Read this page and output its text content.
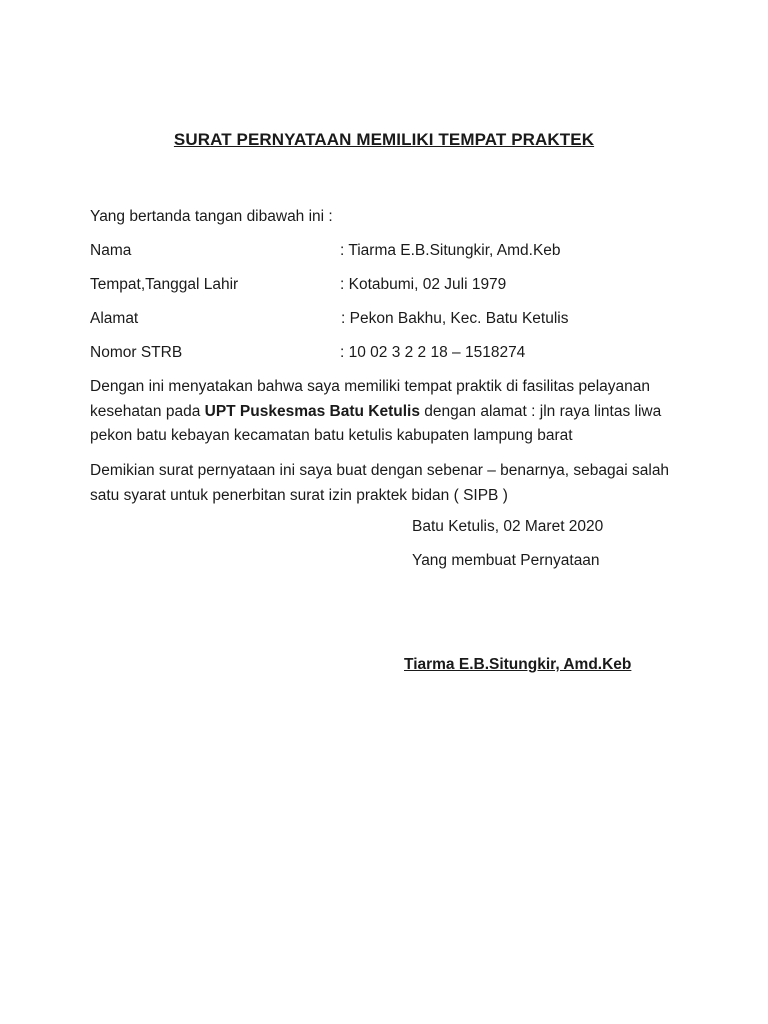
SURAT PERNYATAAN MEMILIKI TEMPAT PRAKTEK
Yang bertanda tangan dibawah ini :
Nama	: Tiarma E.B.Situngkir, Amd.Keb
Tempat,Tanggal Lahir	: Kotabumi, 02 Juli 1979
Alamat	: Pekon Bakhu, Kec. Batu Ketulis
Nomor STRB	: 10 02 3 2 2 18 – 1518274
Dengan ini menyatakan bahwa saya memiliki tempat praktik di fasilitas pelayanan kesehatan pada UPT Puskesmas Batu Ketulis dengan alamat : jln raya lintas liwa pekon batu kebayan kecamatan batu ketulis kabupaten lampung barat
Demikian surat pernyataan ini saya buat dengan sebenar – benarnya, sebagai salah satu syarat untuk penerbitan surat izin praktek bidan ( SIPB )
Batu Ketulis, 02 Maret 2020
Yang membuat Pernyataan
Tiarma E.B.Situngkir, Amd.Keb
